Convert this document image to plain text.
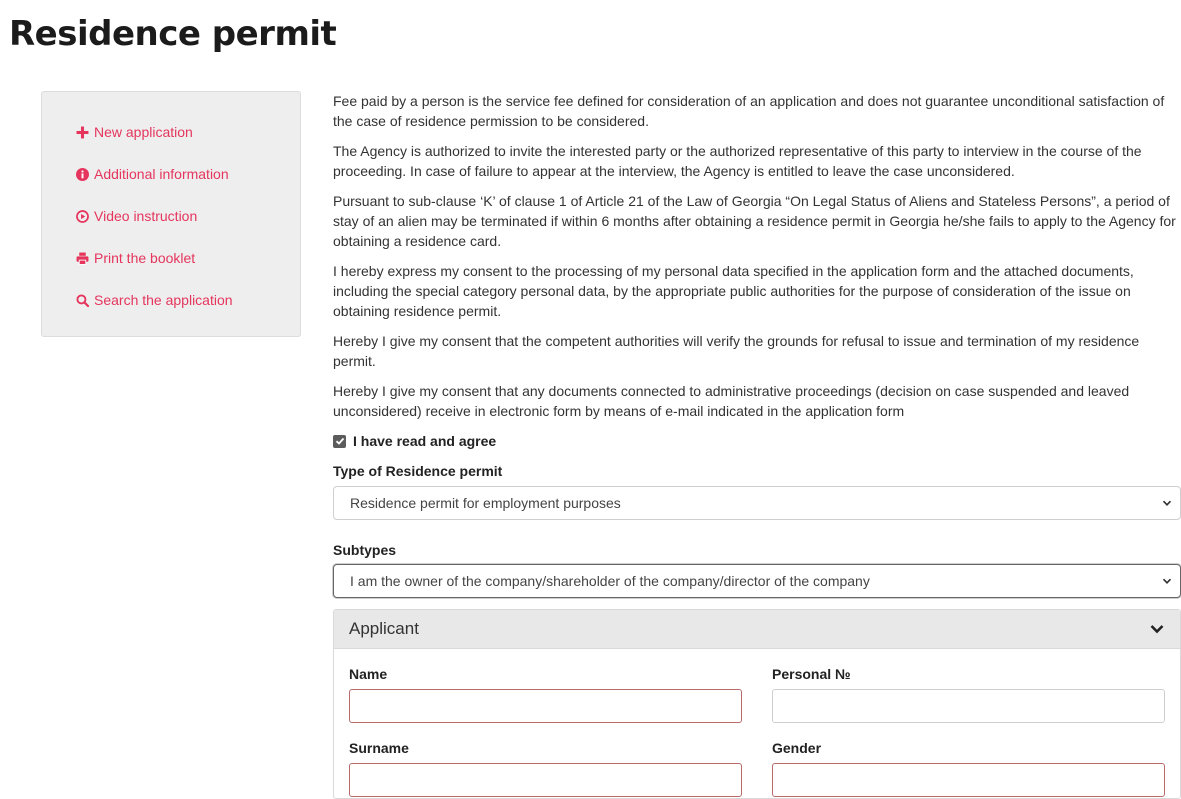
Residence permit
New application
Additional information
Video instruction
Print the booklet
Search the application

Fee paid by a person is the service fee defined for consideration of an application and does not guarantee unconditional satisfaction of the case of residence permission to be considered.

The Agency is authorized to invite the interested party or the authorized representative of this party to interview in the course of the proceeding. In case of failure to appear at the interview, the Agency is entitled to leave the case unconsidered.

Pursuant to sub-clause ‘K’ of clause 1 of Article 21 of the Law of Georgia “On Legal Status of Aliens and Stateless Persons”, a period of stay of an alien may be terminated if within 6 months after obtaining a residence permit in Georgia he/she fails to apply to the Agency for obtaining a residence card.

I hereby express my consent to the processing of my personal data specified in the application form and the attached documents, including the special category personal data, by the appropriate public authorities for the purpose of consideration of the issue on obtaining residence permit.

Hereby I give my consent that the competent authorities will verify the grounds for refusal to issue and termination of my residence permit.

Hereby I give my consent that any documents connected to administrative proceedings (decision on case suspended and leaved unconsidered) receive in electronic form by means of e-mail indicated in the application form

I have read and agree
Type of Residence permit
Residence permit for employment purposes
Subtypes
I am the owner of the company/shareholder of the company/director of the company
Applicant
Name	Personal №
Surname	Gender
